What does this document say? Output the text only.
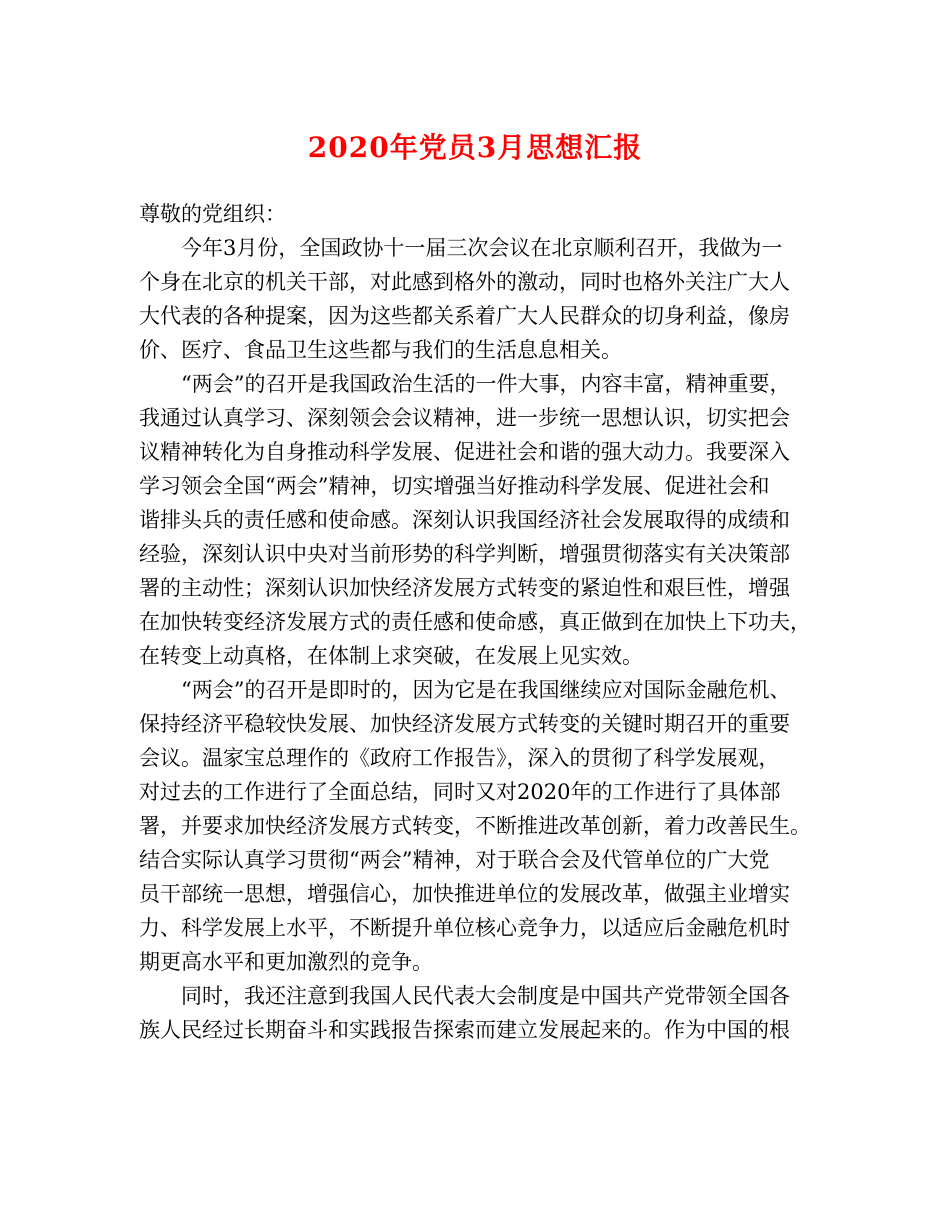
2020年党员3月思想汇报
尊敬的党组织：
今年3月份，全国政协十一届三次会议在北京顺利召开，我做为一
个身在北京的机关干部，对此感到格外的激动，同时也格外关注广大人
大代表的各种提案，因为这些都关系着广大人民群众的切身利益，像房
价、医疗、食品卫生这些都与我们的生活息息相关。
“两会”的召开是我国政治生活的一件大事，内容丰富，精神重要，
我通过认真学习、深刻领会会议精神，进一步统一思想认识，切实把会
议精神转化为自身推动科学发展、促进社会和谐的强大动力。我要深入
学习领会全国“两会”精神，切实增强当好推动科学发展、促进社会和
谐排头兵的责任感和使命感。深刻认识我国经济社会发展取得的成绩和
经验，深刻认识中央对当前形势的科学判断，增强贯彻落实有关决策部
署的主动性；深刻认识加快经济发展方式转变的紧迫性和艰巨性，增强
在加快转变经济发展方式的责任感和使命感，真正做到在加快上下功夫，
在转变上动真格，在体制上求突破，在发展上见实效。
“两会”的召开是即时的，因为它是在我国继续应对国际金融危机、
保持经济平稳较快发展、加快经济发展方式转变的关键时期召开的重要
会议。温家宝总理作的《政府工作报告》，深入的贯彻了科学发展观，
对过去的工作进行了全面总结，同时又对2020年的工作进行了具体部
署，并要求加快经济发展方式转变，不断推进改革创新，着力改善民生。
结合实际认真学习贯彻“两会”精神，对于联合会及代管单位的广大党
员干部统一思想，增强信心，加快推进单位的发展改革，做强主业增实
力、科学发展上水平，不断提升单位核心竞争力，以适应后金融危机时
期更高水平和更加激烈的竞争。
同时，我还注意到我国人民代表大会制度是中国共产党带领全国各
族人民经过长期奋斗和实践报告探索而建立发展起来的。作为中国的根
